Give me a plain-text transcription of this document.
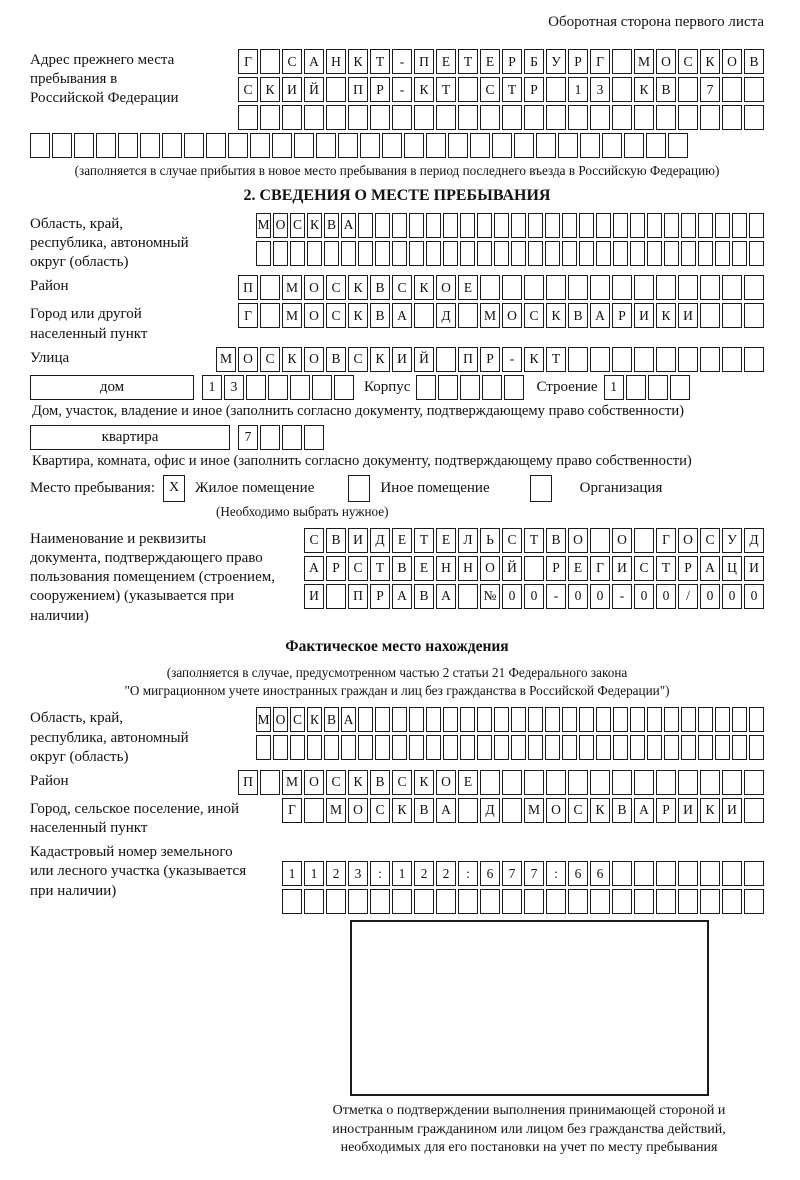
Оборотная сторона первого листа
Адрес прежнего места пребывания в Российской Федерации
Г	С А Н К Т	-	П Е	Т	Е	Р	Б У Р	Г	М О С К О В
С К И Й	П Р	-	К Т	С Т	Р	1	3	К В	7
(заполняется в случае прибытия в новое место пребывания в период последнего въезда в Российскую Федерацию)
2. СВЕДЕНИЯ О МЕСТЕ ПРЕБЫВАНИЯ
Область, край, республика, автономный округ (область)
М О С К В А
Район	П	М О С К В С К О Е
Город или другой населенный пункт
Г	М О С К В А	Д	М О С К В А Р И К И
Улица	М О С К О В С К И Й	П Р	-	К Т
дом	1	3	Корпус	Строение 1
Дом, участок, владение и иное (заполнить согласно документу, подтверждающему право собственности)
квартира	7
Квартира, комната, офис и иное (заполнить согласно документу, подтверждающему право собственности)
Место пребывания: X	Жилое помещение	Иное помещение	Организация
(Необходимо выбрать нужное)
Наименование и реквизиты документа, подтверждающего право пользования помещением (строением, сооружением) (указывается при наличии)
С В И Д Е	Т	Е Л	Ь	С Т В О	О	Г О С У Д
А Р	С Т В Е Н Н О Й	Р	Е	Г И С Т	Р А Ц И
И	П Р А В А	№ 0	0	-	0	0	-	0	0	/	0	0	0
Фактическое место нахождения
(заполняется в случае, предусмотренном частью 2 статьи 21 Федерального закона
"О миграционном учете иностранных граждан и лиц без гражданства в Российской Федерации")
Область, край, республика, автономный округ (область)
М О С К В А
Район	П	М О С К В С К О Е
Город, сельское поселение, иной населенный пункт
Г	М О С К В А	Д	М О С К В А Р И К И
Кадастровый номер земельного или лесного участка (указывается при наличии)
1	1	2	3	:	1	2	2	:	6	7	7	:	6	6
Отметка о подтверждении выполнения принимающей стороной и иностранным гражданином или лицом без гражданства действий, необходимых для его постановки на учет по месту пребывания
